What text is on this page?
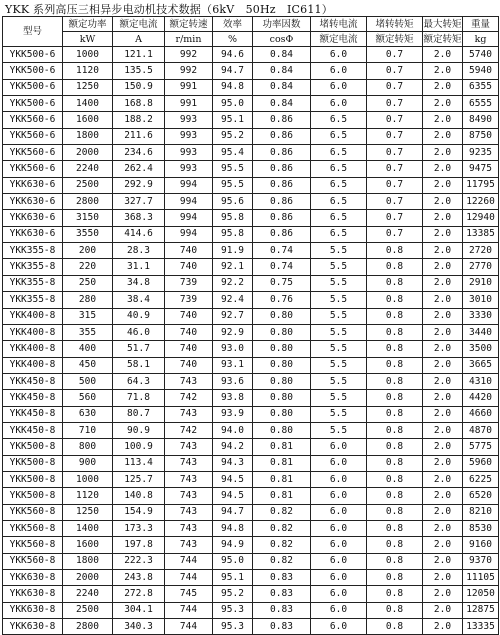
YKK 系列高压三相异步电动机技术数据（6kV　50Hz　IC611）
型号	额定功率	额定电流	额定转速	效率	功率因数	堵转电流	堵转转矩	最大转矩	重量
	kW	A	r/min	%	cosΦ	额定电流	额定转矩	额定转矩	kg
YKK500-6	1000	121.1	992	94.6	0.84	6.0	0.7	2.0	5740
YKK500-6	1120	135.5	992	94.7	0.84	6.0	0.7	2.0	5940
YKK500-6	1250	150.9	991	94.8	0.84	6.0	0.7	2.0	6355
YKK500-6	1400	168.8	991	95.0	0.84	6.0	0.7	2.0	6555
YKK560-6	1600	188.2	993	95.1	0.86	6.5	0.7	2.0	8490
YKK560-6	1800	211.6	993	95.2	0.86	6.5	0.7	2.0	8750
YKK560-6	2000	234.6	993	95.4	0.86	6.5	0.7	2.0	9235
YKK560-6	2240	262.4	993	95.5	0.86	6.5	0.7	2.0	9475
YKK630-6	2500	292.9	994	95.5	0.86	6.5	0.7	2.0	11795
YKK630-6	2800	327.7	994	95.6	0.86	6.5	0.7	2.0	12260
YKK630-6	3150	368.3	994	95.8	0.86	6.5	0.7	2.0	12940
YKK630-6	3550	414.6	994	95.8	0.86	6.5	0.7	2.0	13385
YKK355-8	200	28.3	740	91.9	0.74	5.5	0.8	2.0	2720
YKK355-8	220	31.1	740	92.1	0.74	5.5	0.8	2.0	2770
YKK355-8	250	34.8	739	92.2	0.75	5.5	0.8	2.0	2910
YKK355-8	280	38.4	739	92.4	0.76	5.5	0.8	2.0	3010
YKK400-8	315	40.9	740	92.7	0.80	5.5	0.8	2.0	3330
YKK400-8	355	46.0	740	92.9	0.80	5.5	0.8	2.0	3440
YKK400-8	400	51.7	740	93.0	0.80	5.5	0.8	2.0	3500
YKK400-8	450	58.1	740	93.1	0.80	5.5	0.8	2.0	3665
YKK450-8	500	64.3	743	93.6	0.80	5.5	0.8	2.0	4310
YKK450-8	560	71.8	742	93.8	0.80	5.5	0.8	2.0	4420
YKK450-8	630	80.7	743	93.9	0.80	5.5	0.8	2.0	4660
YKK450-8	710	90.9	742	94.0	0.80	5.5	0.8	2.0	4870
YKK500-8	800	100.9	743	94.2	0.81	6.0	0.8	2.0	5775
YKK500-8	900	113.4	743	94.3	0.81	6.0	0.8	2.0	5960
YKK500-8	1000	125.7	743	94.5	0.81	6.0	0.8	2.0	6225
YKK500-8	1120	140.8	743	94.5	0.81	6.0	0.8	2.0	6520
YKK560-8	1250	154.9	743	94.7	0.82	6.0	0.8	2.0	8210
YKK560-8	1400	173.3	743	94.8	0.82	6.0	0.8	2.0	8530
YKK560-8	1600	197.8	743	94.9	0.82	6.0	0.8	2.0	9160
YKK560-8	1800	222.3	744	95.0	0.82	6.0	0.8	2.0	9370
YKK630-8	2000	243.8	744	95.1	0.83	6.0	0.8	2.0	11105
YKK630-8	2240	272.8	745	95.2	0.83	6.0	0.8	2.0	12050
YKK630-8	2500	304.1	744	95.3	0.83	6.0	0.8	2.0	12875
YKK630-8	2800	340.3	744	95.3	0.83	6.0	0.8	2.0	13335
